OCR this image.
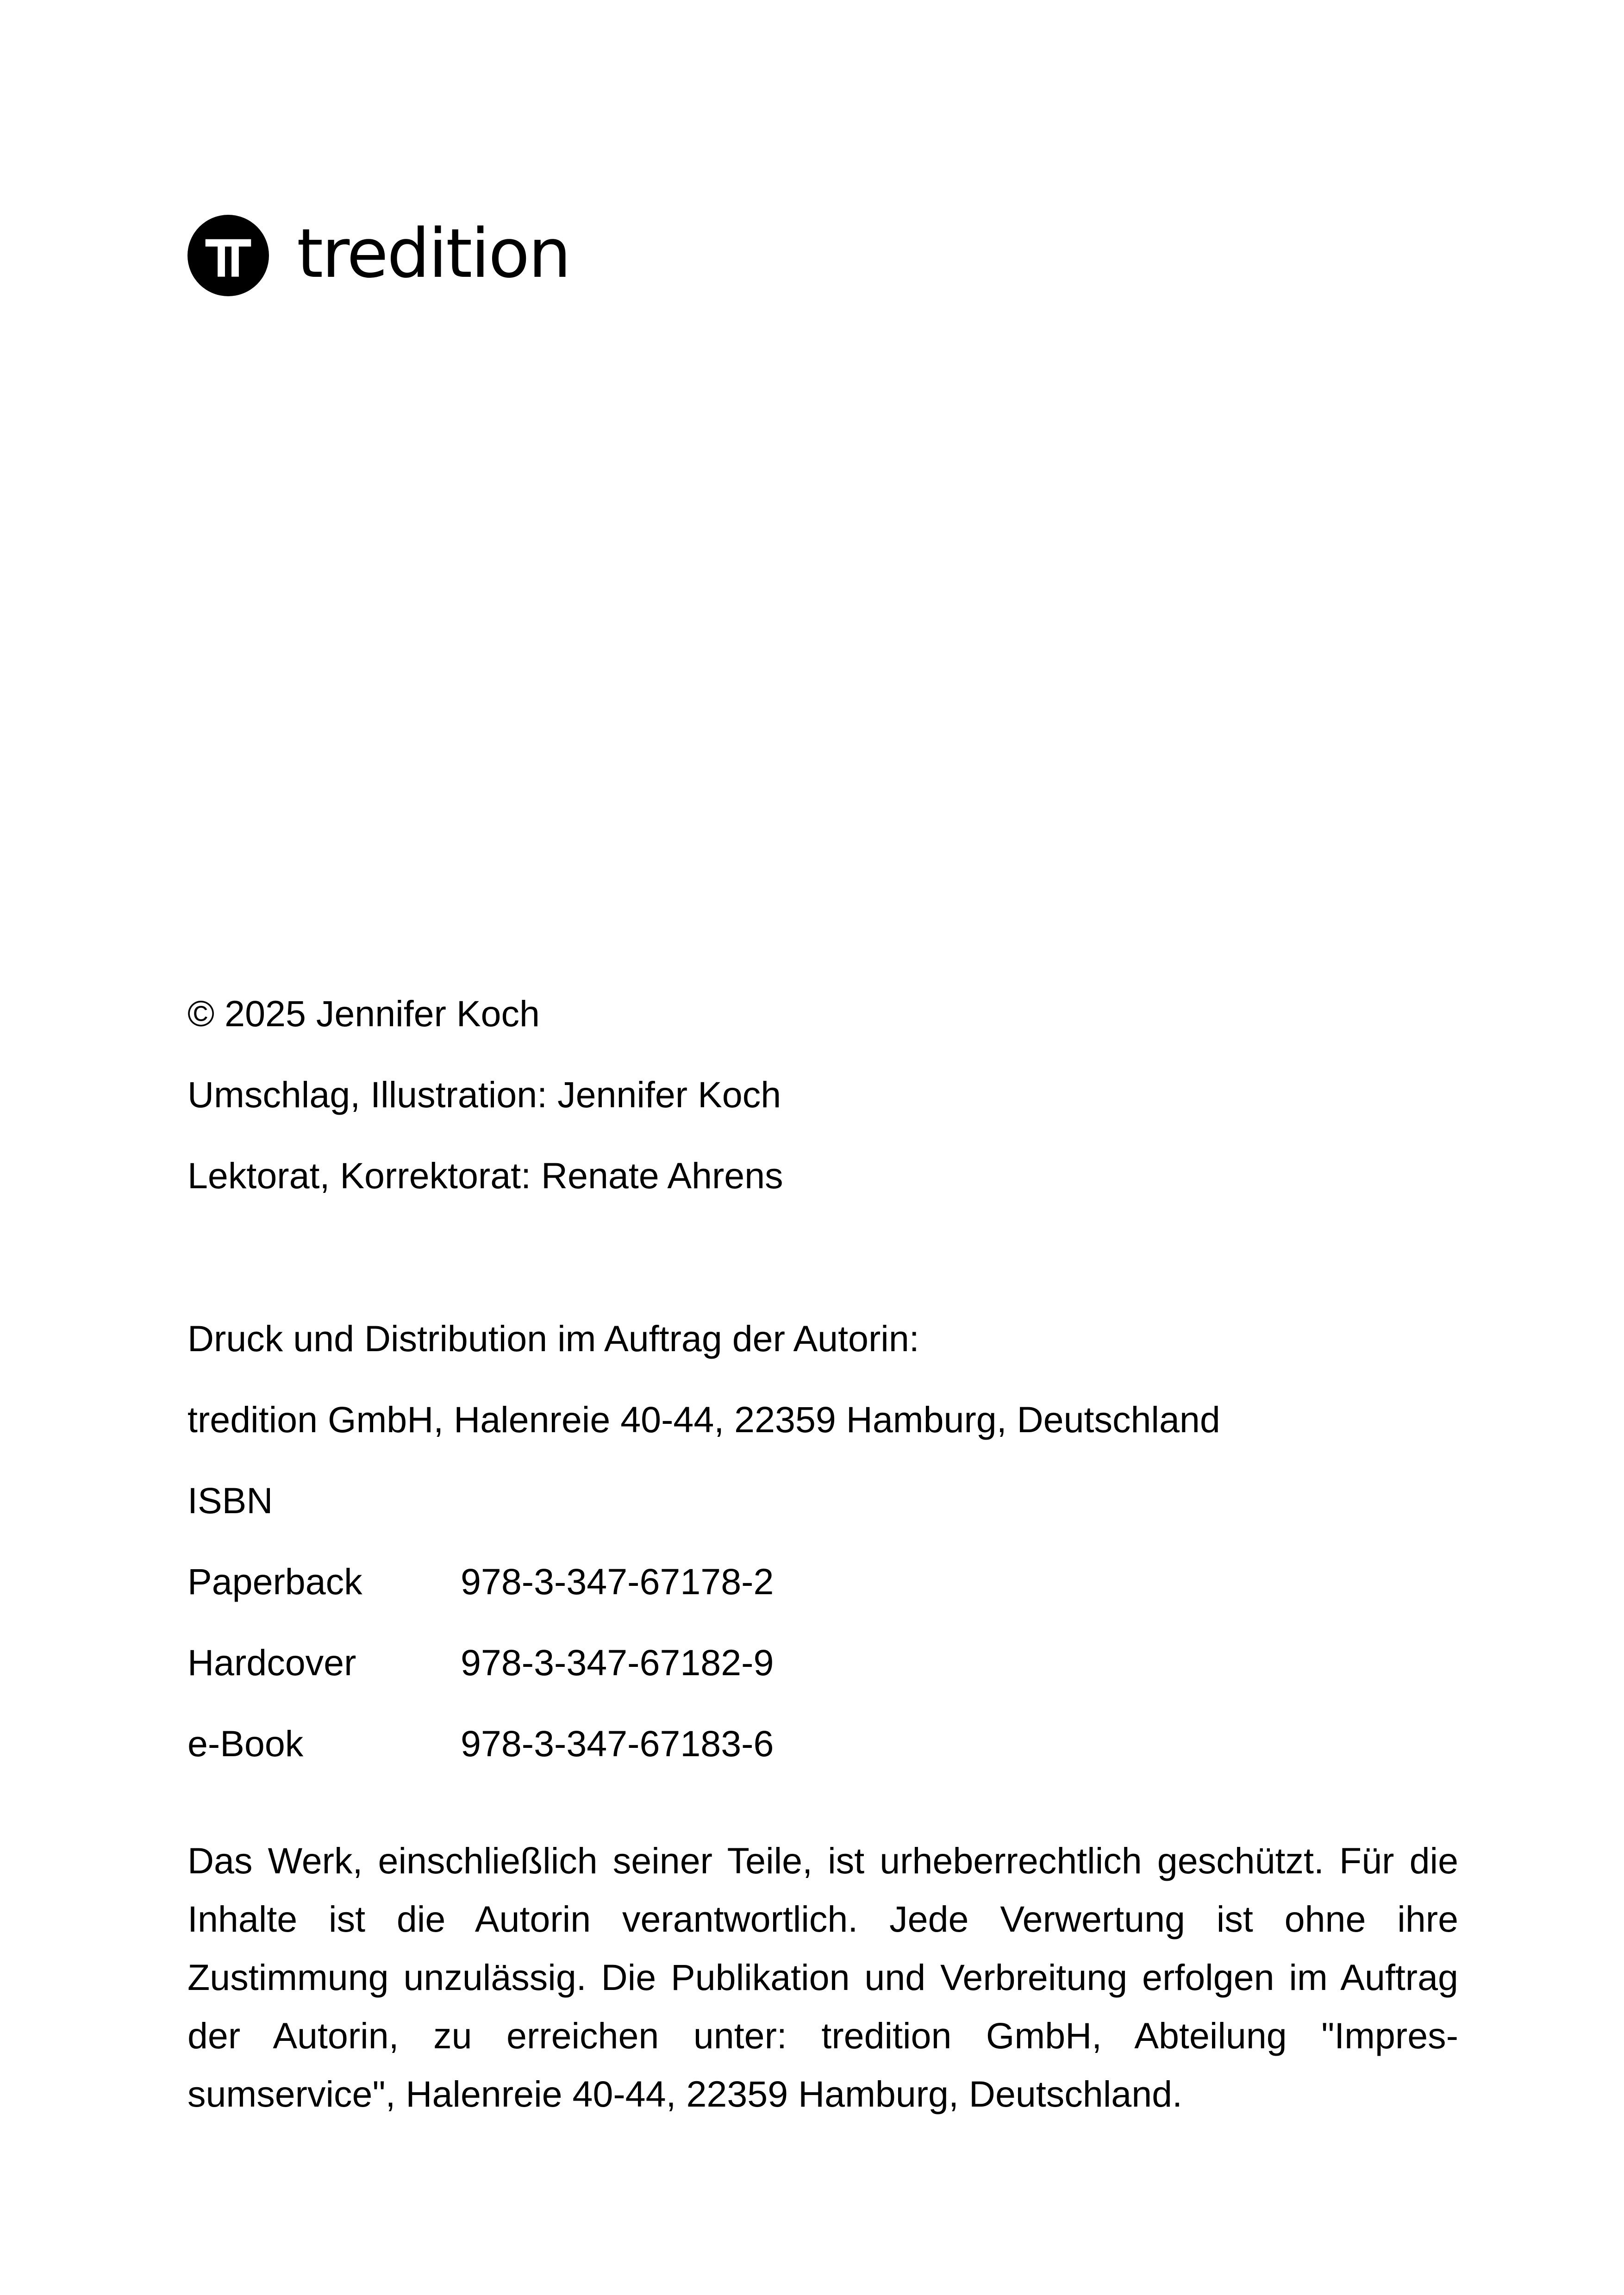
tredition
© 2025 Jennifer Koch
Umschlag, Illustration: Jennifer Koch
Lektorat, Korrektorat: Renate Ahrens
Druck und Distribution im Auftrag der Autorin:
tredition GmbH, Halenreie 40-44, 22359 Hamburg, Deutschland
ISBN
Paperback	978-3-347-67178-2
Hardcover	978-3-347-67182-9
e-Book	978-3-347-67183-6

Das Werk, einschließlich seiner Teile, ist urheberrechtlich geschützt. Für die Inhalte ist die Autorin verantwortlich. Jede Verwertung ist ohne ihre Zustimmung unzulässig. Die Publikation und Verbreitung erfolgen im Auftrag der Autorin, zu erreichen unter: tredition GmbH, Abteilung "Impressumservice", Halenreie 40-44, 22359 Hamburg, Deutschland.
